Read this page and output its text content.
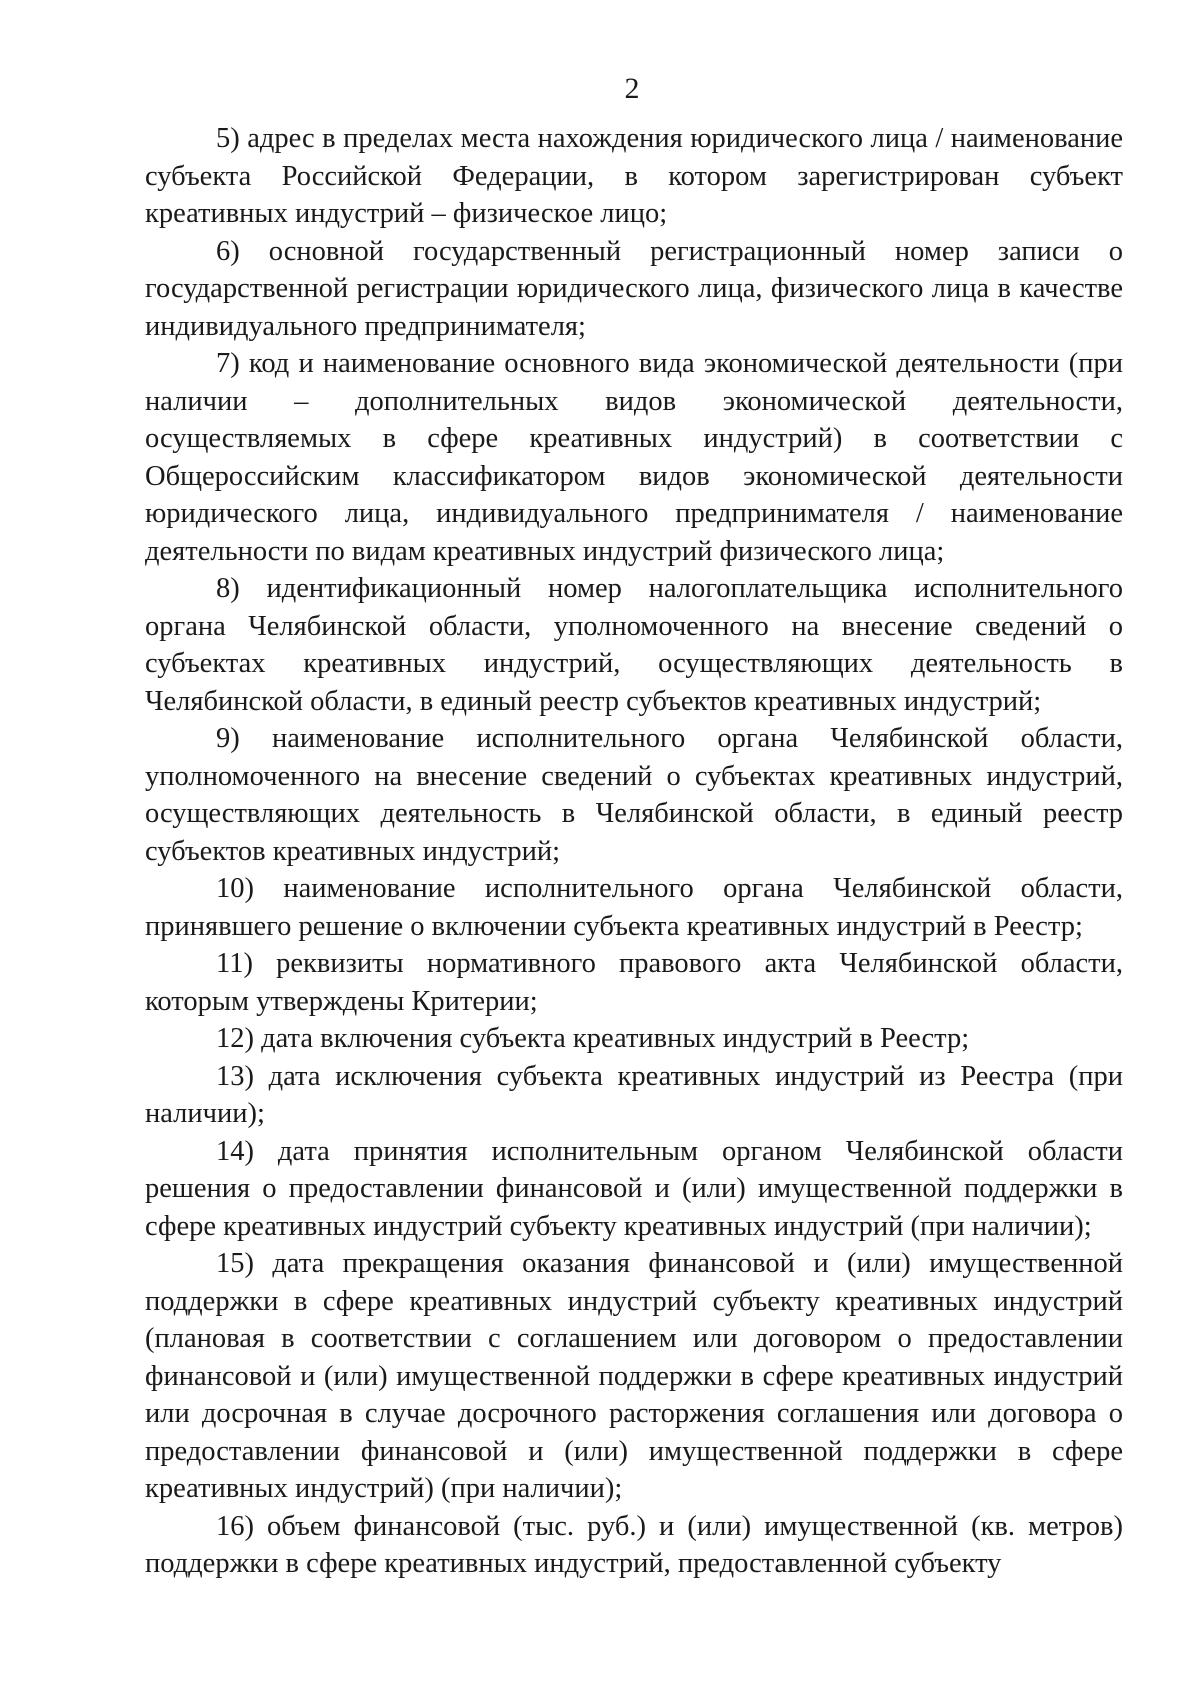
2

5) адрес в пределах места нахождения юридического лица / наименование субъекта Российской Федерации, в котором зарегистрирован субъект креативных индустрий – физическое лицо;

6) основной государственный регистрационный номер записи о государственной регистрации юридического лица, физического лица в качестве индивидуального предпринимателя;

7) код и наименование основного вида экономической деятельности (при наличии – дополнительных видов экономической деятельности, осуществляемых в сфере креативных индустрий) в соответствии с Общероссийским классификатором видов экономической деятельности юридического лица, индивидуального предпринимателя / наименование деятельности по видам креативных индустрий физического лица;

8) идентификационный номер налогоплательщика исполнительного органа Челябинской области, уполномоченного на внесение сведений о субъектах креативных индустрий, осуществляющих деятельность в Челябинской области, в единый реестр субъектов креативных индустрий;

9) наименование исполнительного органа Челябинской области, уполномоченного на внесение сведений о субъектах креативных индустрий, осуществляющих деятельность в Челябинской области, в единый реестр субъектов креативных индустрий;

10) наименование исполнительного органа Челябинской области, принявшего решение о включении субъекта креативных индустрий в Реестр;

11) реквизиты нормативного правового акта Челябинской области, которым утверждены Критерии;

12) дата включения субъекта креативных индустрий в Реестр;

13) дата исключения субъекта креативных индустрий из Реестра (при наличии);

14) дата принятия исполнительным органом Челябинской области решения о предоставлении финансовой и (или) имущественной поддержки в сфере креативных индустрий субъекту креативных индустрий (при наличии);

15) дата прекращения оказания финансовой и (или) имущественной поддержки в сфере креативных индустрий субъекту креативных индустрий (плановая в соответствии с соглашением или договором о предоставлении финансовой и (или) имущественной поддержки в сфере креативных индустрий или досрочная в случае досрочного расторжения соглашения или договора о предоставлении финансовой и (или) имущественной поддержки в сфере креативных индустрий) (при наличии);

16) объем финансовой (тыс. руб.) и (или) имущественной (кв. метров) поддержки в сфере креативных индустрий, предоставленной субъекту
